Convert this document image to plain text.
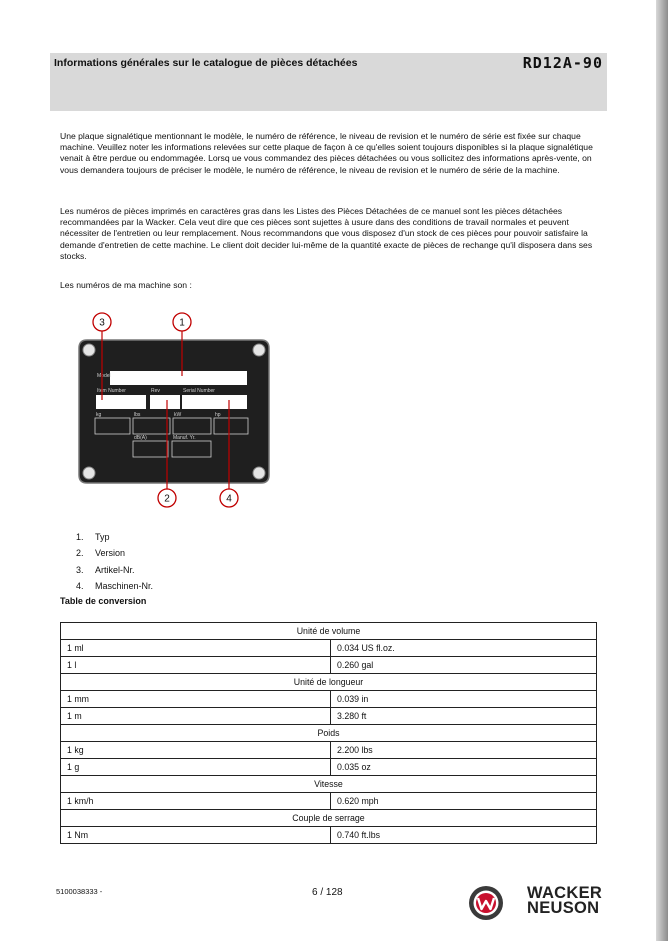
Informations générales sur le catalogue de pièces détachées	RD12A-90

Une plaque signalétique mentionnant le modèle, le numéro de référence, le niveau de revision et le numéro de série est fixée sur chaque machine. Veuillez noter les informations relevées sur cette plaque de façon à ce qu'elles soient toujours disponibles si la plaque signalétique venait à être perdue ou endommagée. Lorsq ue vous commandez des pièces détachées ou vous sollicitez des informations après-vente, on vous demandera toujours de préciser le modèle, le numéro de référence, le niveau de revision et le numéro de série de la machine.

Les numéros de pièces imprimés en caractères gras dans les Listes des Pièces Détachées de ce manuel sont les pièces détachées recommandées par la Wacker. Cela veut dire que ces pièces sont sujettes à usure dans des conditions de travail normales et peuvent nécessiter de l'entretien ou leur remplacement. Nous recommandons que vous disposez d'un stock de ces pièces pour pouvoir satisfaire la demande d'entretien de cette machine. Le client doit decider lui-même de la quantité exacte de pièces de rechange qu'il disposera dans ses stocks.

Les numéros de ma machine son :

Model
Item Number	Rev	Serial Number
kg	lbs	kW	hp
dB(A)	Manuf. Yr.
3	1
2	4
1. Typ
2. Version
3. Artikel-Nr.
4. Maschinen-Nr.
Table de conversion
Unité de volume	
1 ml	0.034 US fl.oz.
1 l	0.260 gal
Unité de longueur	
1 mm	0.039 in
1 m	3.280 ft
Poids	
1 kg	2.200 lbs
1 g	0.035 oz
Vitesse	
1 km/h	0.620 mph
Couple de serrage	
1 Nm	0.740 ft.lbs
5100038333 -	6 / 128	WACKER
NEUSON
